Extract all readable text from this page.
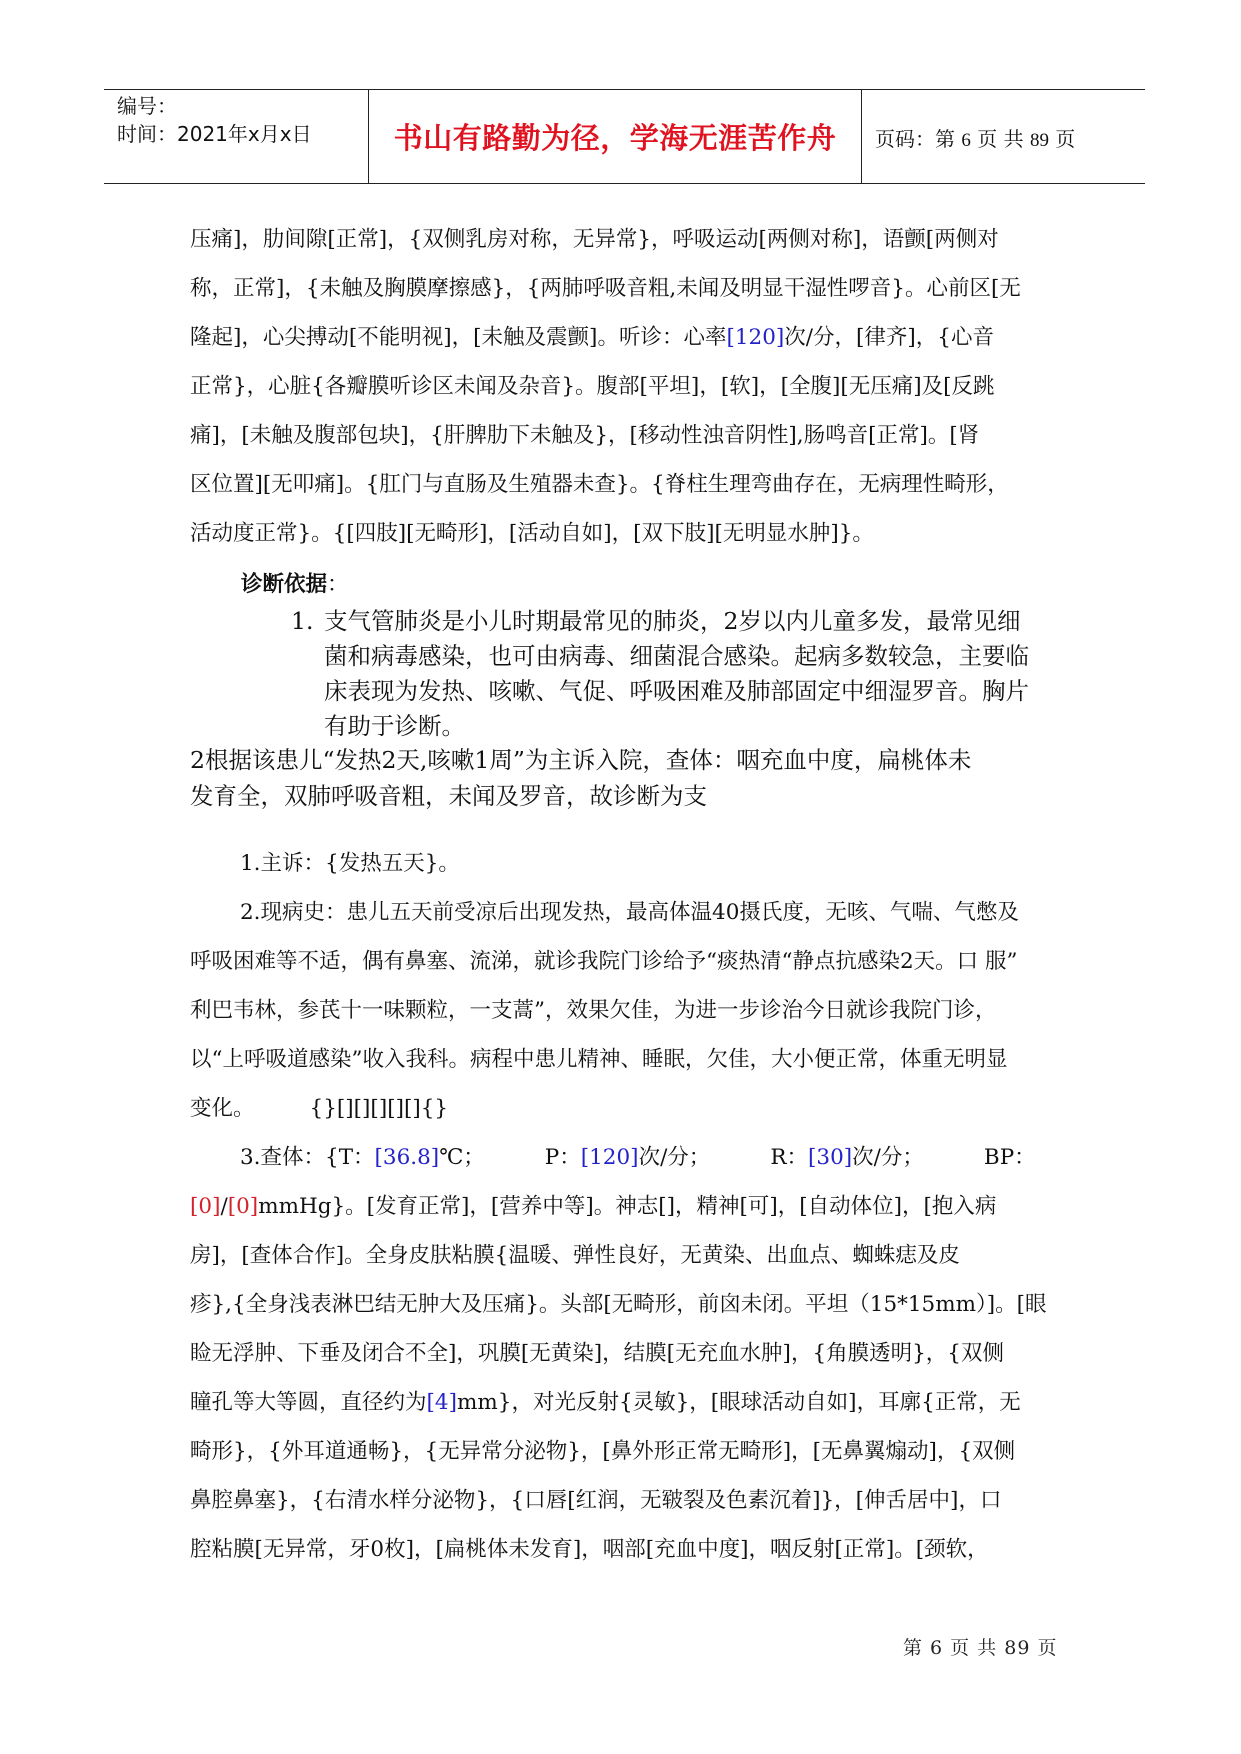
编号：
时间：2021年x月x日	书山有路勤为径，学海无涯苦作舟	页码：第 6 页 共 89 页

压痛]，肋间隙[正常]，{双侧乳房对称，无异常}，呼吸运动[两侧对称]，语颤[两侧对

称，正常]，{未触及胸膜摩擦感}，{两肺呼吸音粗,未闻及明显干湿性啰音}。心前区[无

隆起]，心尖搏动[不能明视]，[未触及震颤]。听诊：心率[120]次/分，[律齐]，{心音

正常}，心脏{各瓣膜听诊区未闻及杂音}。腹部[平坦]，[软]，[全腹][无压痛]及[反跳

痛]，[未触及腹部包块]，{肝脾肋下未触及}，[移动性浊音阴性],肠鸣音[正常]。[肾

区位置][无叩痛]。{肛门与直肠及生殖器未查}。{脊柱生理弯曲存在，无病理性畸形，

活动度正常}。{[四肢][无畸形]，[活动自如]，[双下肢][无明显水肿]}。

诊断依据：

1. 支气管肺炎是小儿时期最常见的肺炎，2岁以内儿童多发，最常见细

菌和病毒感染，也可由病毒、细菌混合感染。起病多数较急，主要临

床表现为发热、咳嗽、气促、呼吸困难及肺部固定中细湿罗音。胸片

有助于诊断。

2根据该患儿“发热2天,咳嗽1周”为主诉入院，查体：咽充血中度，扁桃体未

发育全，双肺呼吸音粗，未闻及罗音，故诊断为支

1.主诉：{发热五天}。

2.现病史：患儿五天前受凉后出现发热，最高体温40摄氏度，无咳、气喘、气憋及

呼吸困难等不适，偶有鼻塞、流涕，就诊我院门诊给予“痰热清“静点抗感染2天。口 服”

利巴韦林，参芪十一味颗粒，一支蒿”，效果欠佳，为进一步诊治今日就诊我院门诊，

以“上呼吸道感染”收入我科。病程中患儿精神、睡眠，欠佳，大小便正常，体重无明显

变化。	{}[][][][][]{}

3.查体：{T：[36.8]℃；	P：[120]次/分；	R：[30]次/分；	BP：

[0]/[0]mmHg}。[发育正常]，[营养中等]。神志[]，精神[可]，[自动体位]，[抱入病

房]，[查体合作]。全身皮肤粘膜{温暖、弹性良好，无黄染、出血点、蜘蛛痣及皮

疹},{全身浅表淋巴结无肿大及压痛}。头部[无畸形，前囟未闭。平坦（15*15mm）]。[眼

睑无浮肿、下垂及闭合不全]，巩膜[无黄染]，结膜[无充血水肿]，{角膜透明}，{双侧

瞳孔等大等圆，直径约为[4]mm}，对光反射{灵敏}，[眼球活动自如]，耳廓{正常，无

畸形}，{外耳道通畅}，{无异常分泌物}，[鼻外形正常无畸形]，[无鼻翼煽动]，{双侧

鼻腔鼻塞}，{右清水样分泌物}，{口唇[红润，无皲裂及色素沉着]}，[伸舌居中]，口

腔粘膜[无异常，牙0枚]，[扁桃体未发育]，咽部[充血中度]，咽反射[正常]。[颈软，

第 6 页 共 89 页
